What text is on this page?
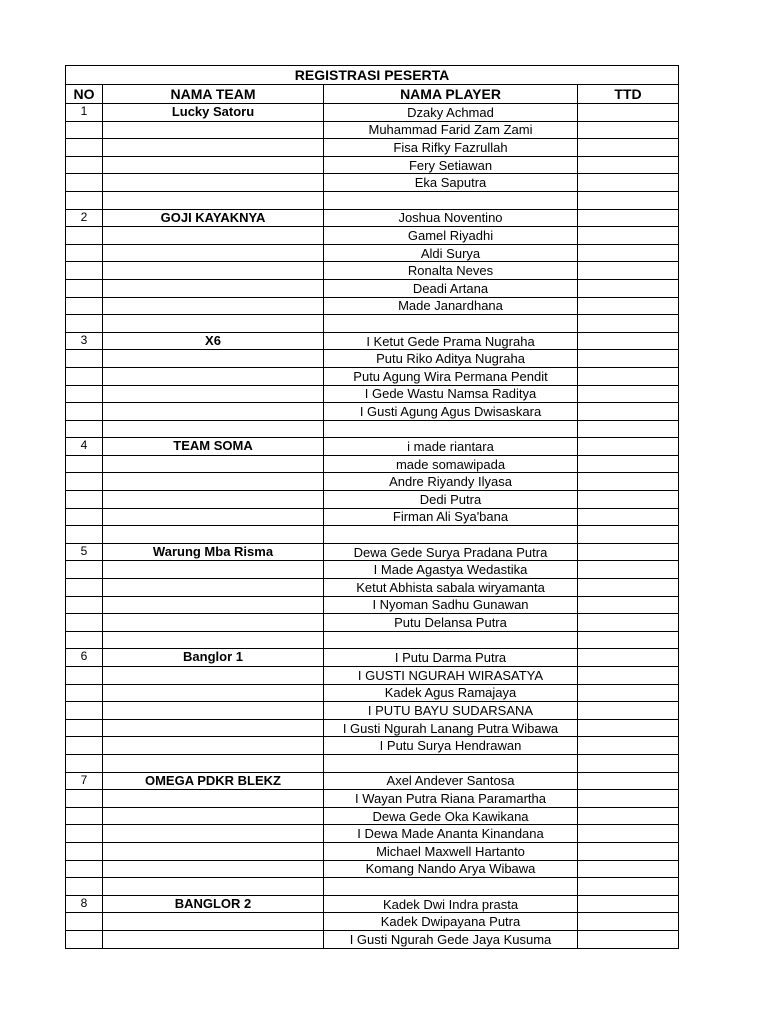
REGISTRASI PESERTA			
NO	NAMA TEAM	NAMA PLAYER	TTD
1	Lucky Satoru	Dzaky Achmad	
		Muhammad Farid Zam Zami	
		Fisa Rifky Fazrullah	
		Fery Setiawan	
		Eka Saputra	

2	GOJI KAYAKNYA	Joshua Noventino	
		Gamel Riyadhi	
		Aldi Surya	
		Ronalta Neves	
		Deadi Artana	
		Made Janardhana	

3	X6	I Ketut Gede Prama Nugraha	
		Putu Riko Aditya Nugraha	
		Putu Agung Wira Permana Pendit	
		I Gede Wastu Namsa Raditya	
		I Gusti Agung Agus Dwisaskara	

4	TEAM SOMA	i made riantara	
		made somawipada	
		Andre Riyandy Ilyasa	
		Dedi Putra	
		Firman Ali Sya'bana	

5	Warung Mba Risma	Dewa Gede Surya Pradana Putra	
		I Made Agastya Wedastika	
		Ketut Abhista sabala wiryamanta	
		I Nyoman Sadhu Gunawan	
		Putu Delansa Putra	

6	Banglor 1	I Putu Darma Putra	
		I GUSTI NGURAH WIRASATYA	
		Kadek Agus Ramajaya	
		I PUTU BAYU SUDARSANA	
		I Gusti Ngurah Lanang Putra Wibawa	
		I Putu Surya Hendrawan	

7	OMEGA PDKR BLEKZ	Axel Andever Santosa	
		I Wayan Putra Riana Paramartha	
		Dewa Gede Oka Kawikana	
		I Dewa Made Ananta Kinandana	
		Michael Maxwell Hartanto	
		Komang Nando Arya Wibawa	

8	BANGLOR 2	Kadek Dwi Indra prasta	
		Kadek Dwipayana Putra	
		I Gusti Ngurah Gede Jaya Kusuma	
